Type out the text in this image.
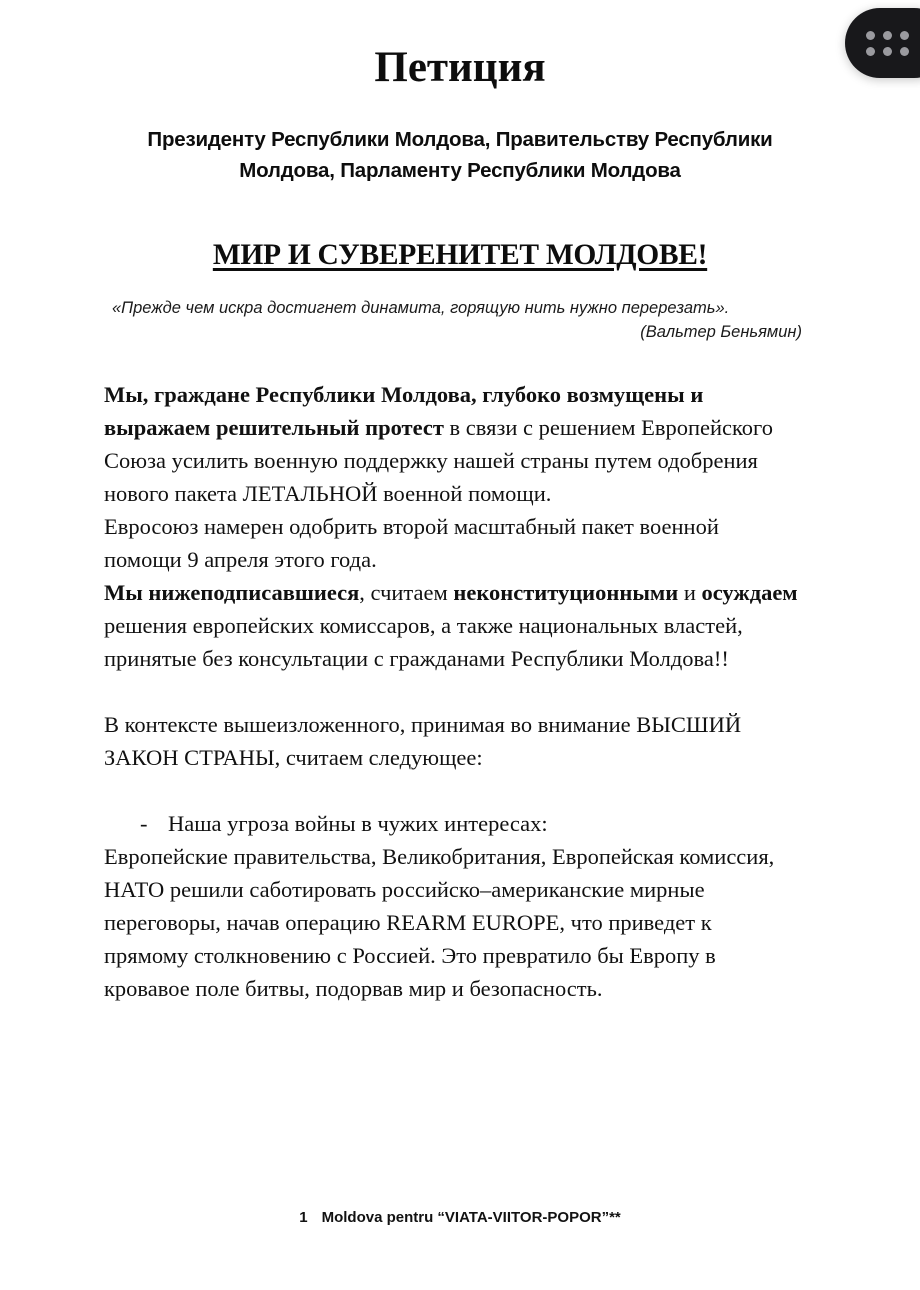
Петиция
Президенту Республики Молдова, Правительству Республики Молдова, Парламенту Республики Молдова
МИР И СУВЕРЕНИТЕТ МОЛДОВЕ!
«Прежде чем искра достигнет динамита, горящую нить нужно перерезать».
(Вальтер Беньямин)

Мы, граждане Республики Молдова, глубоко возмущены и выражаем решительный протест в связи с решением Европейского Союза усилить военную поддержку нашей страны путем одобрения нового пакета ЛЕТАЛЬНОЙ военной помощи.

Евросоюз намерен одобрить второй масштабный пакет военной помощи 9 апреля этого года.

Мы нижеподписавшиеся, считаем неконституционными и осуждаем решения европейских комиссаров, а также национальных властей, принятые без консультации с гражданами Республики Молдова!!

В контексте вышеизложенного, принимая во внимание ВЫСШИЙ ЗАКОН СТРАНЫ, считаем следующее:

- Наша угроза войны в чужих интересах:

Европейские правительства, Великобритания, Европейская комиссия, НАТО решили саботировать российско–американские мирные переговоры, начав операцию REARM EUROPE, что приведет к прямому столкновению с Россией. Это превратило бы Европу в кровавое поле битвы, подорвав мир и безопасность.

1 Moldova pentru “VIATA-VIITOR-POPOR”**
